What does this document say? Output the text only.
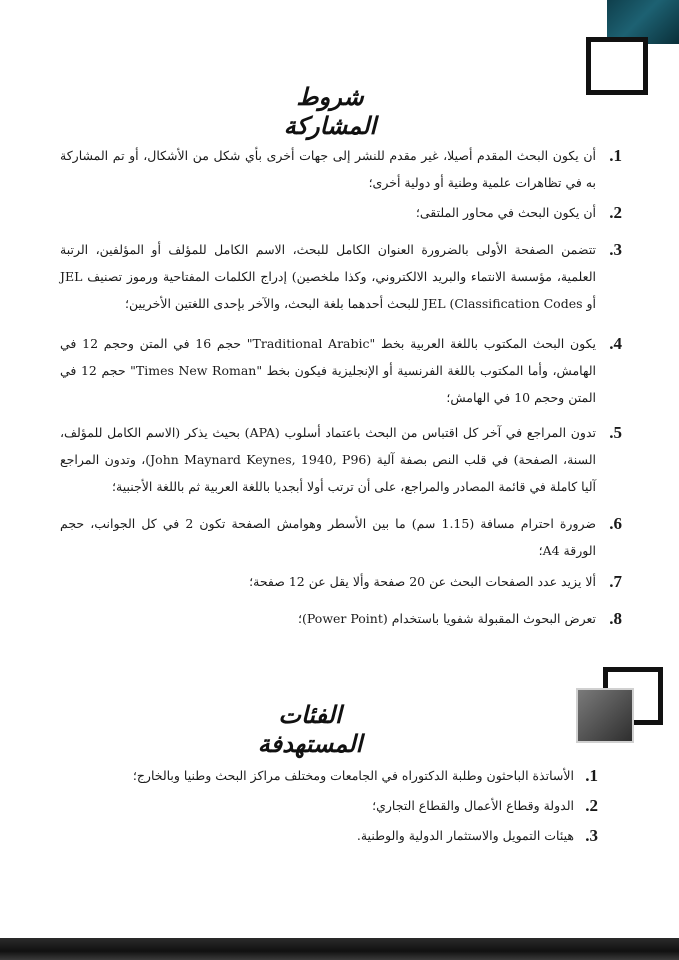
شروط المشاركة
1.
أن يكون البحث المقدم أصيلا، غير مقدم للنشر إلى جهات أخرى بأي شكل من الأشكال، أو تم المشاركة به في تظاهرات علمية وطنية أو دولية أخرى؛
2.
أن يكون البحث في محاور الملتقى؛
3.
تتضمن الصفحة الأولى بالضرورة العنوان الكامل للبحث، الاسم الكامل للمؤلف أو المؤلفين، الرتبة العلمية، مؤسسة الانتماء والبريد الالكتروني، وكذا ملخصين) إدراج الكلمات المفتاحية ورموز تصنيف JEL أو JEL (Classification Codes للبحث أحدهما بلغة البحث، والآخر بإحدى اللغتين الأخريين؛
4.
يكون البحث المكتوب باللغة العربية بخط "Traditional Arabic" حجم 16 في المتن وحجم 12 في الهامش، وأما المكتوب باللغة الفرنسية أو الإنجليزية فيكون بخط "Times New Roman" حجم 12 في المتن وحجم 10 في الهامش؛
5.
تدون المراجع في آخر كل اقتباس من البحث باعتماد أسلوب (APA) بحيث يذكر (الاسم الكامل للمؤلف، السنة، الصفحة) في قلب النص بصفة آلية (John Maynard Keynes, 1940, P96)، وتدون المراجع آليا كاملة في قائمة المصادر والمراجع، على أن ترتب أولا أبجديا باللغة العربية ثم باللغة الأجنبية؛
6.
ضرورة احترام مسافة (1.15 سم) ما بين الأسطر وهوامش الصفحة تكون 2 في كل الجوانب، حجم الورقة A4؛
7.
ألا يزيد عدد الصفحات البحث عن 20 صفحة وألا يقل عن 12 صفحة؛
8.
تعرض البحوث المقبولة شفويا باستخدام (Power Point)؛
الفئات المستهدفة
1.
الأساتذة الباحثون وطلبة الدكتوراه في الجامعات ومختلف مراكز البحث وطنيا وبالخارج؛
2.
الدولة وقطاع الأعمال والقطاع التجاري؛
3.
هيئات التمويل والاستثمار الدولية والوطنية.
